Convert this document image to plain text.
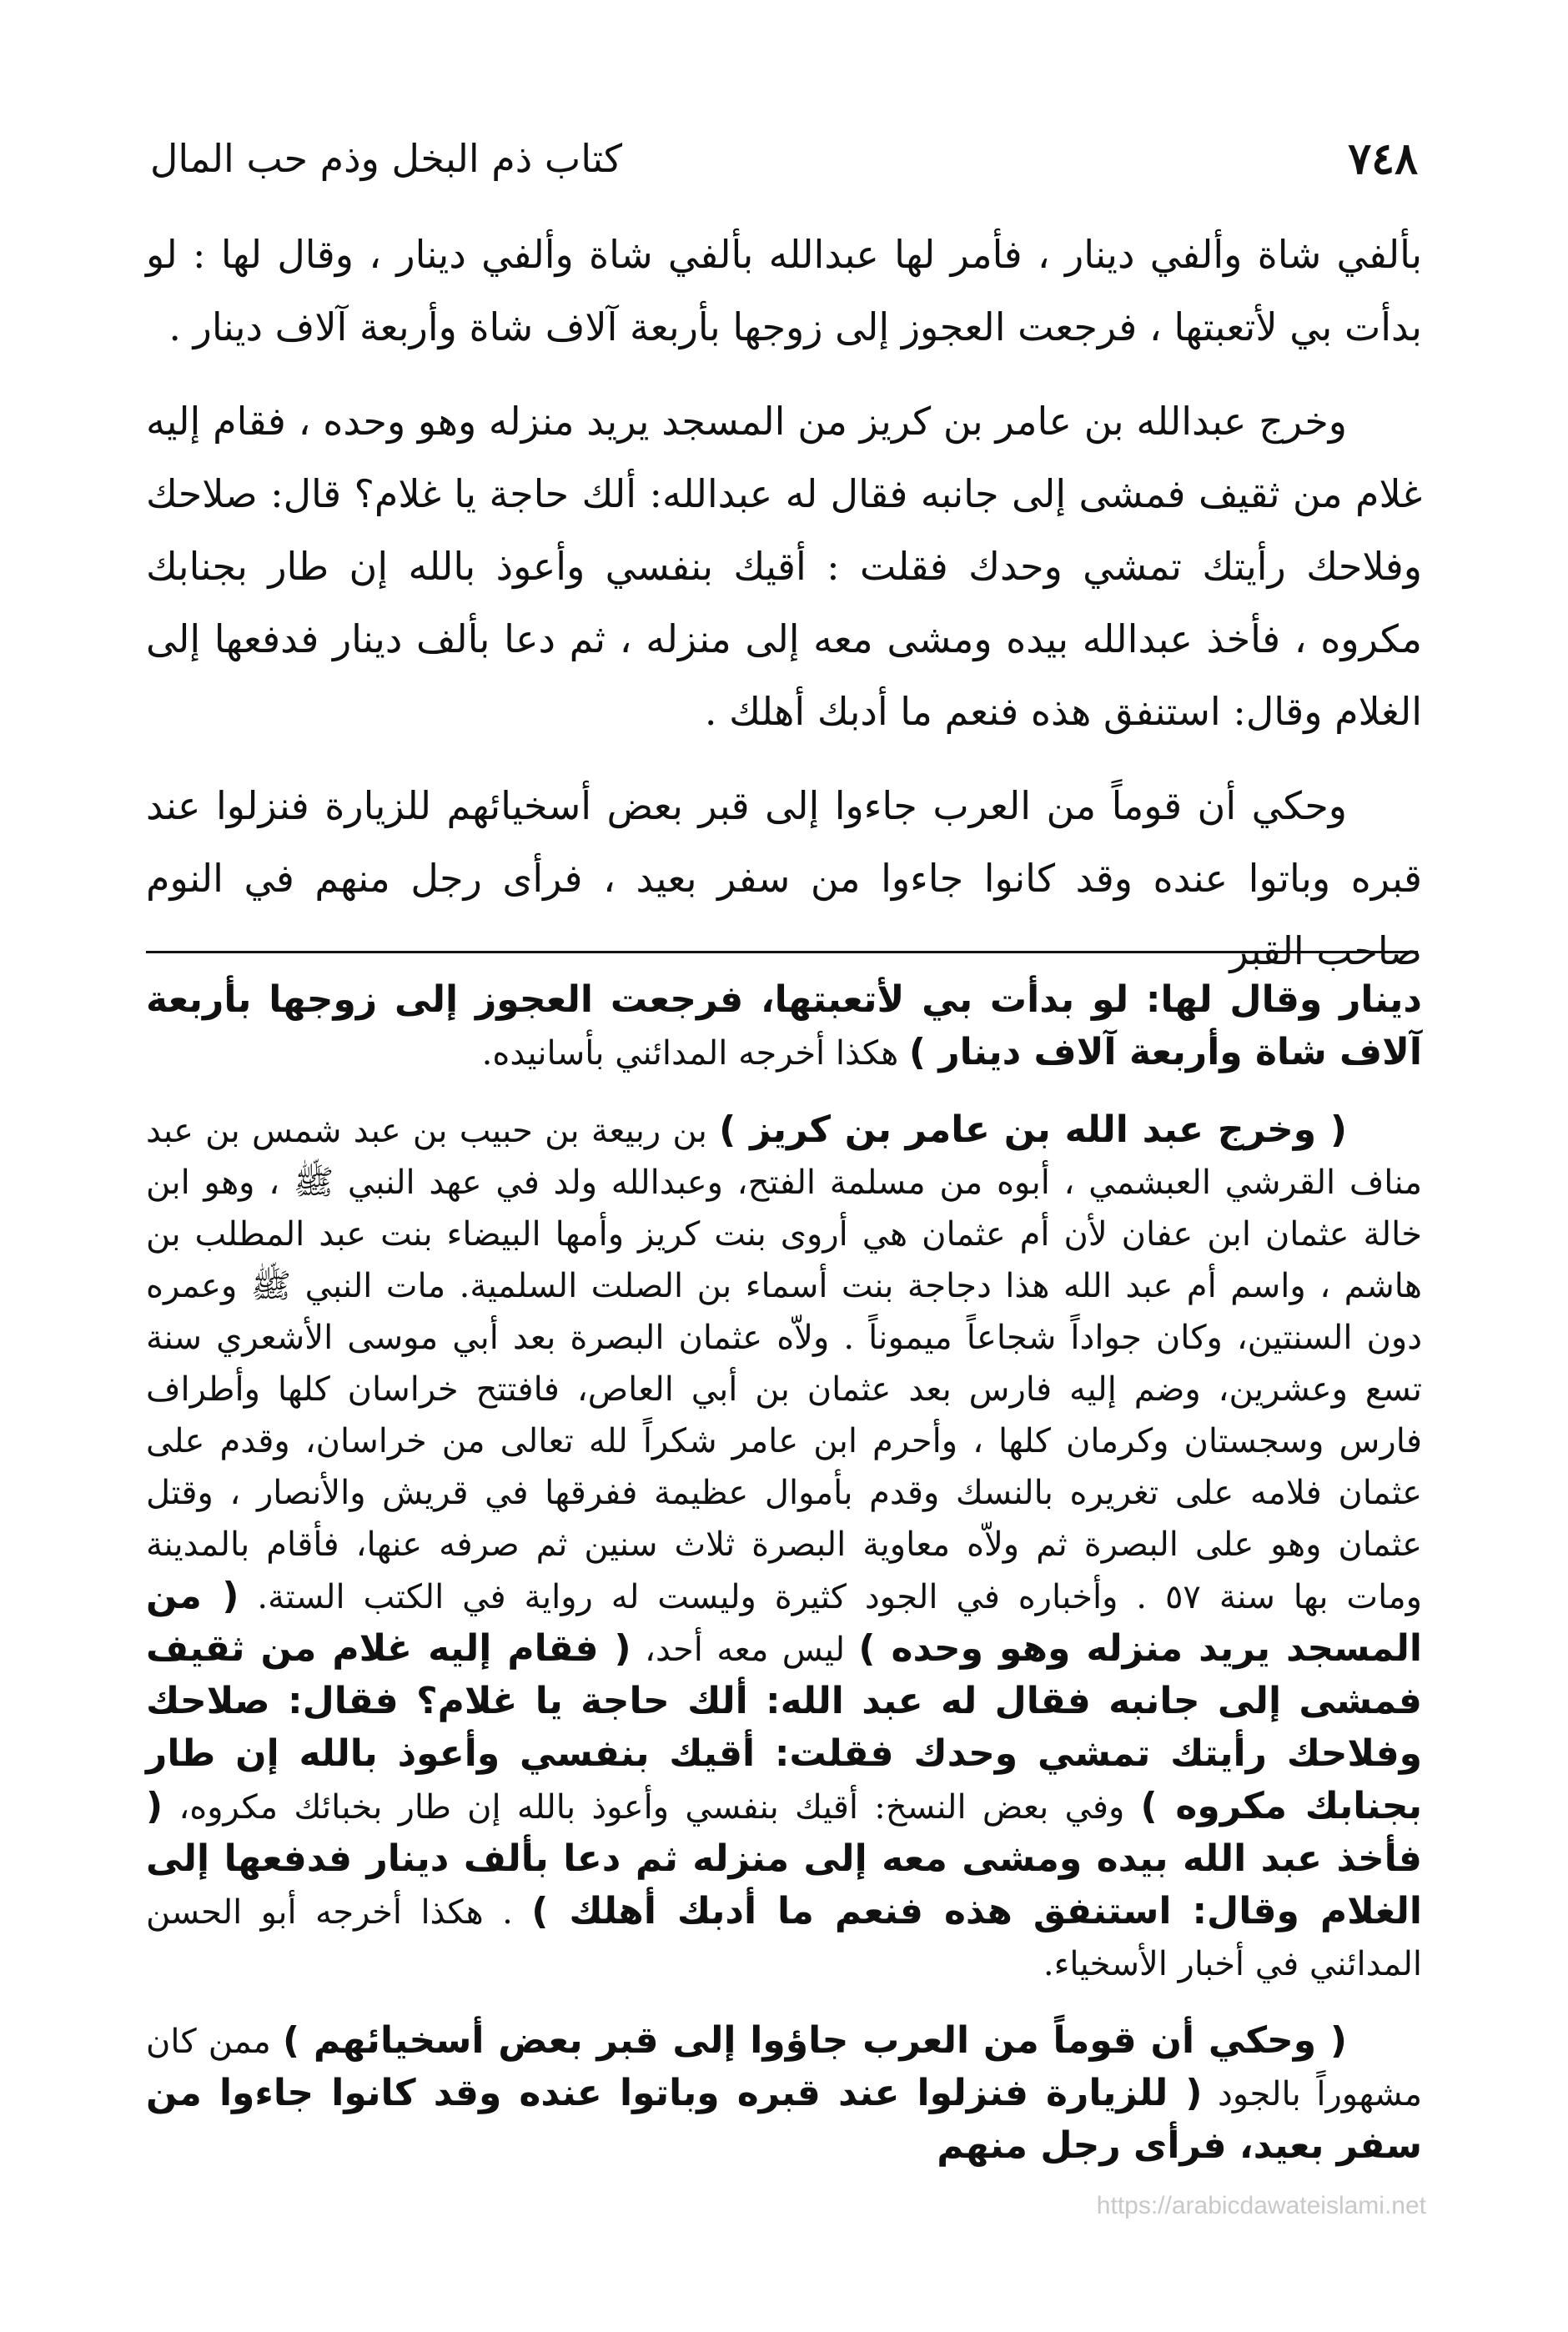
٧٤٨
كتاب ذم البخل وذم حب المال

بألفي شاة وألفي دينار ، فأمر لها عبدالله بألفي شاة وألفي دينار ، وقال لها : لو بدأت بي لأتعبتها ، فرجعت العجوز إلى زوجها بأربعة آلاف شاة وأربعة آلاف دينار .

وخرج عبدالله بن عامر بن كريز من المسجد يريد منزله وهو وحده ، فقام إليه غلام من ثقيف فمشى إلى جانبه فقال له عبدالله: ألك حاجة يا غلام؟ قال: صلاحك وفلاحك رأيتك تمشي وحدك فقلت : أقيك بنفسي وأعوذ بالله إن طار بجنابك مكروه ، فأخذ عبدالله بيده ومشى معه إلى منزله ، ثم دعا بألف دينار فدفعها إلى الغلام وقال: استنفق هذه فنعم ما أدبك أهلك .

وحكي أن قوماً من العرب جاءوا إلى قبر بعض أسخيائهم للزيارة فنزلوا عند قبره وباتوا عنده وقد كانوا جاءوا من سفر بعيد ، فرأى رجل منهم في النوم صاحب القبر

دينار وقال لها: لو بدأت بي لأتعبتها، فرجعت العجوز إلى زوجها بأربعة آلاف شاة وأربعة آلاف دينار ) هكذا أخرجه المدائني بأسانيده.

( وخرج عبد الله بن عامر بن كريز ) بن ربيعة بن حبيب بن عبد شمس بن عبد مناف القرشي العبشمي ، أبوه من مسلمة الفتح، وعبدالله ولد في عهد النبي ﷺ ، وهو ابن خالة عثمان ابن عفان لأن أم عثمان هي أروى بنت كريز وأمها البيضاء بنت عبد المطلب بن هاشم ، واسم أم عبد الله هذا دجاجة بنت أسماء بن الصلت السلمية. مات النبي ﷺ وعمره دون السنتين، وكان جواداً شجاعاً ميموناً . ولاّه عثمان البصرة بعد أبي موسى الأشعري سنة تسع وعشرين، وضم إليه فارس بعد عثمان بن أبي العاص، فافتتح خراسان كلها وأطراف فارس وسجستان وكرمان كلها ، وأحرم ابن عامر شكراً لله تعالى من خراسان، وقدم على عثمان فلامه على تغريره بالنسك وقدم بأموال عظيمة ففرقها في قريش والأنصار ، وقتل عثمان وهو على البصرة ثم ولاّه معاوية البصرة ثلاث سنين ثم صرفه عنها، فأقام بالمدينة ومات بها سنة ٥٧ . وأخباره في الجود كثيرة وليست له رواية في الكتب الستة. ( من المسجد يريد منزله وهو وحده ) ليس معه أحد، ( فقام إليه غلام من ثقيف فمشى إلى جانبه فقال له عبد الله: ألك حاجة يا غلام؟ فقال: صلاحك وفلاحك رأيتك تمشي وحدك فقلت: أقيك بنفسي وأعوذ بالله إن طار بجنابك مكروه ) وفي بعض النسخ: أقيك بنفسي وأعوذ بالله إن طار بخبائك مكروه، ( فأخذ عبد الله بيده ومشى معه إلى منزله ثم دعا بألف دينار فدفعها إلى الغلام وقال: استنفق هذه فنعم ما أدبك أهلك ) . هكذا أخرجه أبو الحسن المدائني في أخبار الأسخياء.

( وحكي أن قوماً من العرب جاؤوا إلى قبر بعض أسخيائهم ) ممن كان مشهوراً بالجود ( للزيارة فنزلوا عند قبره وباتوا عنده وقد كانوا جاءوا من سفر بعيد، فرأى رجل منهم

https://arabicdawateislami.net
